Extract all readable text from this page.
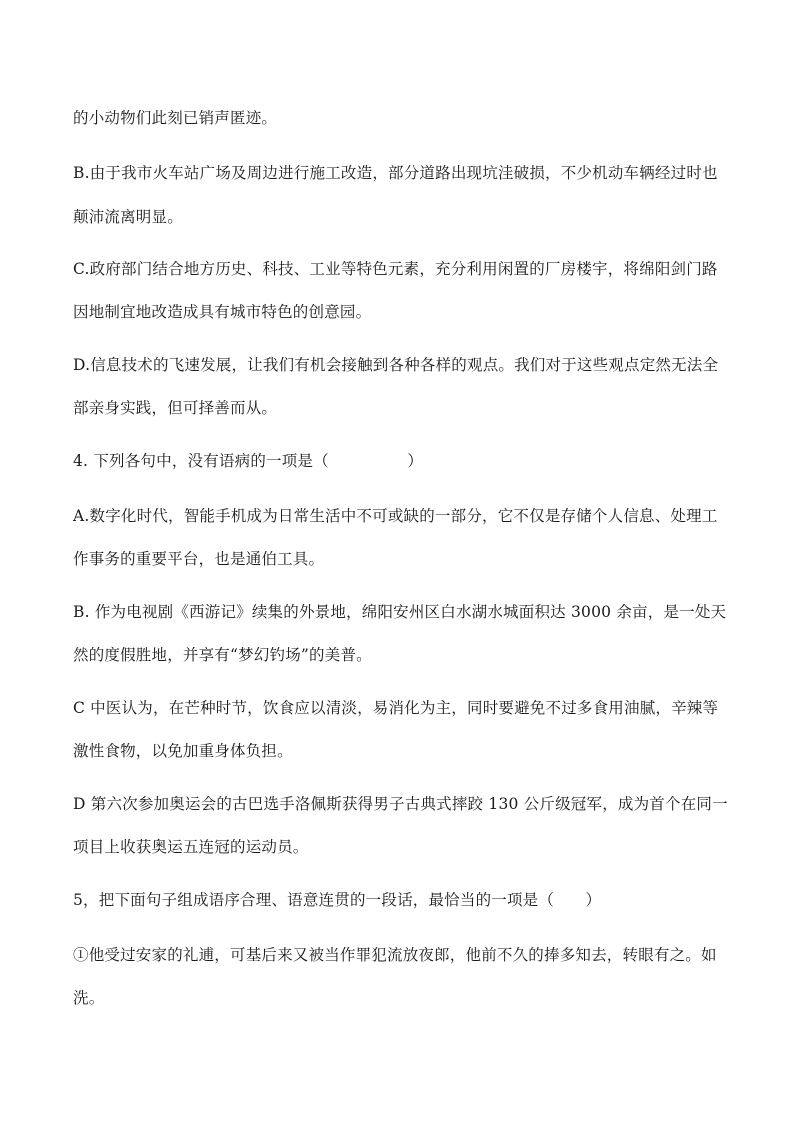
的小动物们此刻已销声匿迹。
B.由于我市火车站广场及周边进行施工改造，部分道路出现坑洼破损，不少机动车辆经过时也
颠沛流离明显。
C.政府部门结合地方历史、科技、工业等特色元素，充分利用闲置的厂房楼宇，将绵阳剑门路
因地制宜地改造成具有城市特色的创意园。
D.信息技术的飞速发展，让我们有机会接触到各种各样的观点。我们对于这些观点定然无法全
部亲身实践，但可择善而从。
4. 下列各句中，没有语病的一项是（　　　　　）
A.数字化时代，智能手机成为日常生活中不可或缺的一部分，它不仅是存储个人信息、处理工
作事务的重要平台，也是通伯工具。
B. 作为电视剧《西游记》续集的外景地，绵阳安州区白水湖水城面积达 3000 余亩，是一处天
然的度假胜地，并享有“梦幻钓场”的美普。
C 中医认为，在芒种时节，饮食应以清淡，易消化为主，同时要避免不过多食用油腻，辛辣等
激性食物，以免加重身体负担。
D 第六次参加奥运会的古巴选手洛佩斯获得男子古典式摔跤 130 公斤级冠军，成为首个在同一
项目上收获奥运五连冠的运动员。
5，把下面句子组成语序合理、语意连贯的一段话，最恰当的一项是（　　）
①他受过安家的礼逋，可基后来又被当作罪犯流放夜郎，他前不久的捧多知去，转眼有之。如
洗。
